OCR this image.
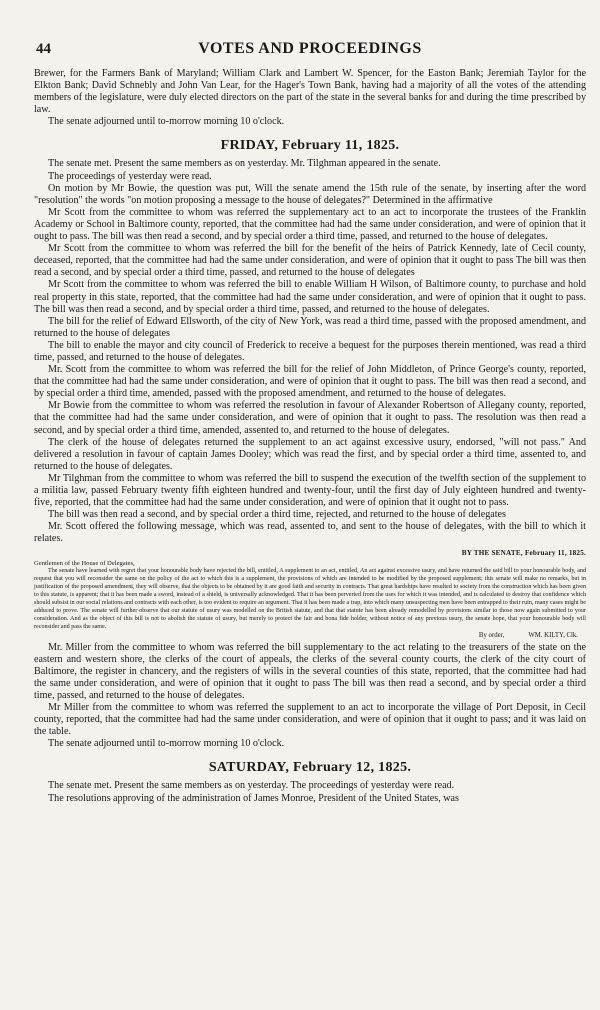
44	VOTES AND PROCEEDINGS

Brewer, for the Farmers Bank of Maryland; William Clark and Lambert W. Spencer, for the Easton Bank; Jeremiah Taylor for the Elkton Bank; David Schnebly and John Van Lear, for the Hager's Town Bank, having had a majority of all the votes of the attending members of the legislature, were duly elected directors on the part of the state in the several banks for and during the time prescribed by law.

The senate adjourned until to-morrow morning 10 o'clock.

FRIDAY, February 11, 1825.

The senate met. Present the same members as on yesterday. Mr. Tilghman appeared in the senate.

The proceedings of yesterday were read.

On motion by Mr Bowie, the question was put, Will the senate amend the 15th rule of the senate, by inserting after the word "resolution" the words "on motion proposing a message to the house of delegates?" Determined in the affirmative

Mr Scott from the committee to whom was referred the supplementary act to an act to incorporate the trustees of the Franklin Academy or School in Baltimore county, reported, that the committee had had the same under consideration, and were of opinion that it ought to pass. The bill was then read a second, and by special order a third time, passed, and returned to the house of delegates.

Mr Scott from the committee to whom was referred the bill for the benefit of the heirs of Patrick Kennedy, late of Cecil county, deceased, reported, that the committee had had the same under consideration, and were of opinion that it ought to pass The bill was then read a second, and by special order a third time, passed, and returned to the house of delegates

Mr Scott from the committee to whom was referred the bill to enable William H Wilson, of Baltimore county, to purchase and hold real property in this state, reported, that the committee had had the same under consideration, and were of opinion that it ought to pass. The bill was then read a second, and by special order a third time, passed, and returned to the house of delegates.

The bill for the relief of Edward Ellsworth, of the city of New York, was read a third time, passed with the proposed amendment, and returned to the house of delegates

The bill to enable the mayor and city council of Frederick to receive a bequest for the purposes therein mentioned, was read a third time, passed, and returned to the house of delegates.

Mr. Scott from the committee to whom was referred the bill for the relief of John Middleton, of Prince George's county, reported, that the committee had had the same under consideration, and were of opinion that it ought to pass. The bill was then read a second, and by special order a third time, amended, passed with the proposed amendment, and returned to the house of delegates.

Mr Bowie from the committee to whom was referred the resolution in favour of Alexander Robertson of Allegany county, reported, that the committee had had the same under consideration, and were of opinion that it ought to pass. The resolution was then read a second, and by special order a third time, amended, assented to, and returned to the house of delegates.

The clerk of the house of delegates returned the supplement to an act against excessive usury, endorsed, "will not pass." And delivered a resolution in favour of captain James Dooley; which was read the first, and by special order a third time, assented to, and returned to the house of delegates.

Mr Tilghman from the committee to whom was referred the bill to suspend the execution of the twelfth section of the supplement to a militia law, passed February twenty fifth eighteen hundred and twenty-four, until the first day of July eighteen hundred and twenty-five, reported, that the committee had had the same under consideration, and were of opinion that it ought not to pass.

The bill was then read a second, and by special order a third time, rejected, and returned to the house of delegates

Mr. Scott offered the following message, which was read, assented to, and sent to the house of delegates, with the bill to which it relates.

BY THE SENATE, February 11, 1825.
Gentlemen of the House of Delegates,

The senate have learned with regret that your honourable body have rejected the bill, entitled, A supplement to an act, entitled, An act against excessive usury, and have returned the said bill to your honourable body, and request that you will reconsider the same on the policy of the act to which this is a supplement, the provisions of which are intended to be modified by the proposed supplement; this senate will make no remarks, but in justification of the proposed amendment, they will observe, that the objects to be obtained by it are good faith and security in contracts. That great hardships have resulted to society from the construction which has been given to this statute, is apparent; that it has been made a sword, instead of a shield, is universally acknowledged. That it has been perverted from the uses for which it was intended, and is calculated to destroy that confidence which should subsist in our social relations and contracts with each other, is too evident to require an argument. That it has been made a trap, into which many unsuspecting men have been entrapped to their ruin, many cases might be adduced to prove. The senate will further observe that our statute of usury was modelled on the British statute, and that that statute has been already remodelled by provisions similar to those now again submitted to your consideration. And as the object of this bill is not to abolish the statute of usury, but merely to protect the fair and bona fide holder, without notice of any previous usury, the senate hope, that your honourable body will reconsider and pass the same.

By order,	WM. KILTY, Clk.

Mr. Miller from the committee to whom was referred the bill supplementary to the act relating to the treasurers of the state on the eastern and western shore, the clerks of the court of appeals, the clerks of the several county courts, the clerk of the city court of Baltimore, the register in chancery, and the registers of wills in the several counties of this state, reported, that the committee had had the same under consideration, and were of opinion that it ought to pass The bill was then read a second, and by special order a third time, passed, and returned to the house of delegates.

Mr Miller from the committee to whom was referred the supplement to an act to incorporate the village of Port Deposit, in Cecil county, reported, that the committee had had the same under consideration, and were of opinion that it ought to pass; and it was laid on the table.

The senate adjourned until to-morrow morning 10 o'clock.

SATURDAY, February 12, 1825.

The senate met. Present the same members as on yesterday. The proceedings of yesterday were read.

The resolutions approving of the administration of James Monroe, President of the United States, was
